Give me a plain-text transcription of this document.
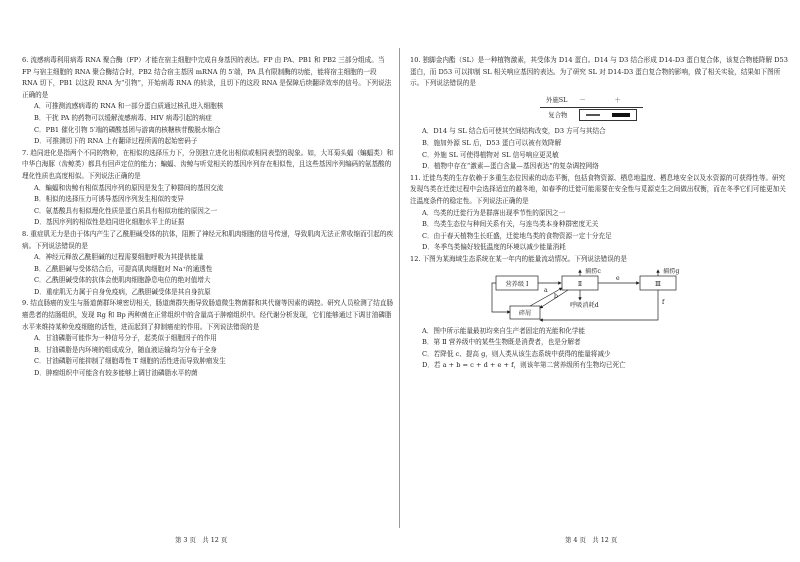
6. 流感病毒利用病毒 RNA 聚合酶（FP）才能在宿主细胞中完成自身基因的表达。FP 由 PA、PB1 和 PB2 三部分组成。当 FP 与宿主细胞的 RNA 聚合酶结合时，PB2 结合宿主基因 mRNA 的 5′端，PA 具有限制酶的功能，能将宿主细胞的一段 RNA 切下，PB1 以这段 RNA 为“引物”，开始病毒 RNA 的转录，且切下的这段 RNA 是保障后续翻译效率的信号。下列说法正确的是

A．可推测流感病毒的 RNA 和一部分蛋白质通过核孔进入细胞核

B．干扰 PA 的药物可以缓解流感病毒、HIV 病毒引起的病症

C．PB1 催化引物 5′端的磷酸基团与游离的核糖核苷酸脱水缩合

D．可推测切下的 RNA 上有翻译过程所需的起始密码子

7. 趋同进化是指两个不同的物种，在相似的选择压力下，分别独立进化出相似或相同表型的现象。如，大耳菊头蝠（蝙蝠类）和中华白海豚（齿鲸类）都具有回声定位的能力；蝙蝠、齿鲸与听觉相关的基因序列存在相似性，且这些基因序列编码的氨基酸的理化性质也高度相似。下列说法正确的是

A．蝙蝠和齿鲸有相似基因序列的原因是发生了种群间的基因交流

B．相似的选择压力可诱导基因序列发生相似的变异

C．氨基酸具有相似理化性质是蛋白质具有相似功能的原因之一

D．基因序列的相似性是趋同进化细胞水平上的证据

8. 重症肌无力是由于体内产生了乙酰胆碱受体的抗体，阻断了神经元和肌肉细胞的信号传递，导致肌肉无法正常收缩而引起的疾病。下列说法错误的是

A．神经元释放乙酰胆碱的过程需要细胞呼吸为其提供能量

B．乙酰胆碱与受体结合后，可提高肌肉细胞对 Na⁺的通透性

C．乙酰胆碱受体的抗体会使肌肉细胞静息电位的绝对值增大

D．重症肌无力属于自身免疫病，乙酰胆碱受体是其自身抗原

9. 结直肠癌的发生与肠道菌群环境密切相关，肠道菌群失衡导致肠道微生物菌群和其代谢等因素的调控。研究人员检测了结直肠癌患者的结肠组织，发现 Rg 和 Bp 两种菌在正常组织中的含量高于肿瘤组织中。经代谢分析发现，它们能够通过下调甘油磷脂水平来维持某种免疫细胞的活性，进而起到了抑制癌症的作用。下列说法错误的是

A．甘油磷脂可能作为一种信号分子，起类似于细胞因子的作用

B．甘油磷脂是内环境的组成成分，随血液运输均匀分布于全身

C．甘油磷脂可能抑制了细胞毒性 T 细胞的活性进而导致肿瘤发生

D．肿瘤组织中可能含有较多能够上调甘油磷脂水平的菌

10. 独脚金内酯（SL）是一种植物激素，其受体为 D14 蛋白。D14 与 D3 结合形成 D14-D3 蛋白复合体，该复合物能降解 D53 蛋白，而 D53 可以抑制 SL 相关响应基因的表达。为了研究 SL 对 D14-D3 蛋白复合物的影响，做了相关实验，结果如下图所示。下列说法错误的是

外施SL	－	＋
复合物		

A．D14 与 SL 结合后可使其空间结构改变，D3 方可与其结合

B．施加外源 SL 后，D53 蛋白可以被有效降解

C．外施 SL 可使得植物对 SL 信号响应更灵敏

D．植物中存在“激素—蛋白含量—基因表达”的复杂调控网络

11. 迁徙鸟类的生存依赖于多重生态位因素的动态平衡，包括食物资源、栖息地温度、栖息地安全以及水资源的可获得性等。研究发现鸟类在迁徙过程中会选择适宜的越冬地，如春季的迁徙可能需要在安全性与觅源克生之间做出权衡，而在冬季它们可能更加关注温度条件的稳定性。下列说法正确的是

A．鸟类的迁徙行为是群落出现季节性的原因之一

B．鸟类生态位与种间关系有关，与连鸟类本身种群密度无关

C．由于春天植物生长旺盛，迁徙地鸟类的食物资源一定十分充足

D．冬季鸟类偏好较低温度的环境以减少能量消耗

12. 下图为某海域生态系统在某一年内的能量流动情况。下列说法错误的是

营养级 Ⅰ	Ⅱ	Ⅲ
碎屑
e
捕捞c	捕捞g
呼吸消耗d
b
a
f

A．图中所示能量最初均来自生产者固定的光能和化学能

B．第 Ⅱ 营养级中的某些生物既是消费者，也是分解者

C．若降低 c、提高 g，则人类从该生态系统中获得的能量将减少

D．若 a + b = c + d + e + f，则该年第二营养级所有生物均已死亡

第 3 页　共 12 页	第 4 页　共 12 页
